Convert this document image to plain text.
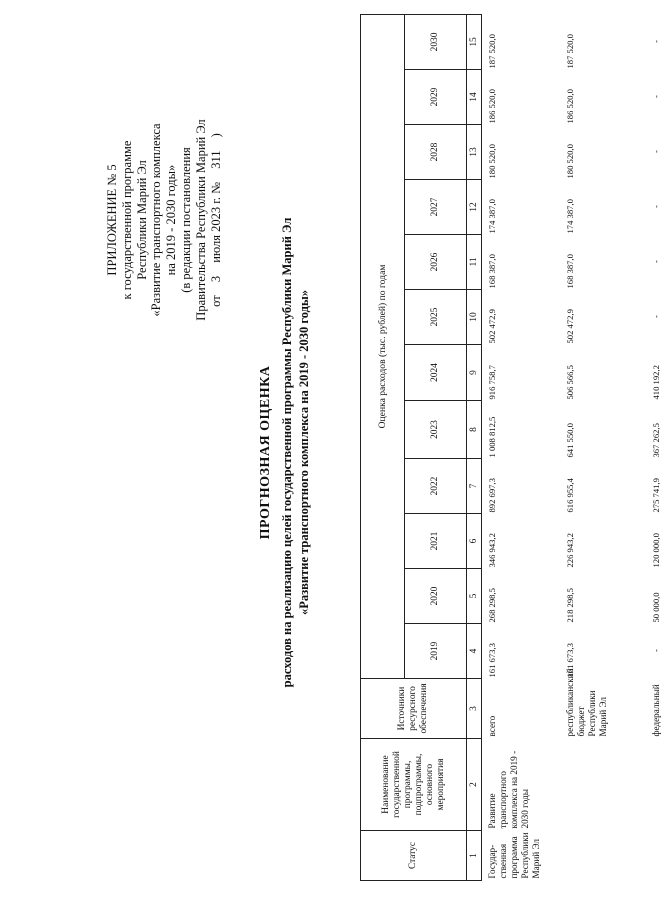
ПРИЛОЖЕНИЕ № 5 к государственной программе Республики Марий Эл «Развитие транспортного комплекса на 2019 - 2030 годы» (в редакции постановления Правительства Республики Марий Эл от 3 июля 2023 г. № 311 )
ПРОГНОЗНАЯ ОЦЕНКА расходов на реализацию целей государственной программы Республики Марий Эл «Развитие транспортного комплекса на 2019 - 2030 годы»
Статус	Наименование государственной программы, подпрограммы, основного мероприятия	Источники ресурсного обеспечения	Оценка расходов (тыс. рублей) по годам											
			2019	2020	2021	2022	2023	2024	2025	2026	2027	2028	2029	2030
1	2	3	4	5	6	7	8	9	10	11	12	13	14	15
Государ-ственная программа Республики Марий Эл	Развитие транспортного комплекса на 2019 - 2030 годы	всего	161 673,3	268 298,5	346 943,2	892 697,3	1 008 812,5	916 758,7	502 472,9	168 387,0	174 387,0	180 520,0	186 520,0	187 520,0
		республиканский бюджет Республики Марий Эл	161 673,3	218 298,5	226 943,2	616 955,4	641 550,0	506 566,5	502 472,9	168 387,0	174 387,0	180 520,0	186 520,0	187 520,0
		федеральный	-	50 000,0	120 000,0	275 741,9	367 262,5	410 192,2	-	-	-	-	-	-
